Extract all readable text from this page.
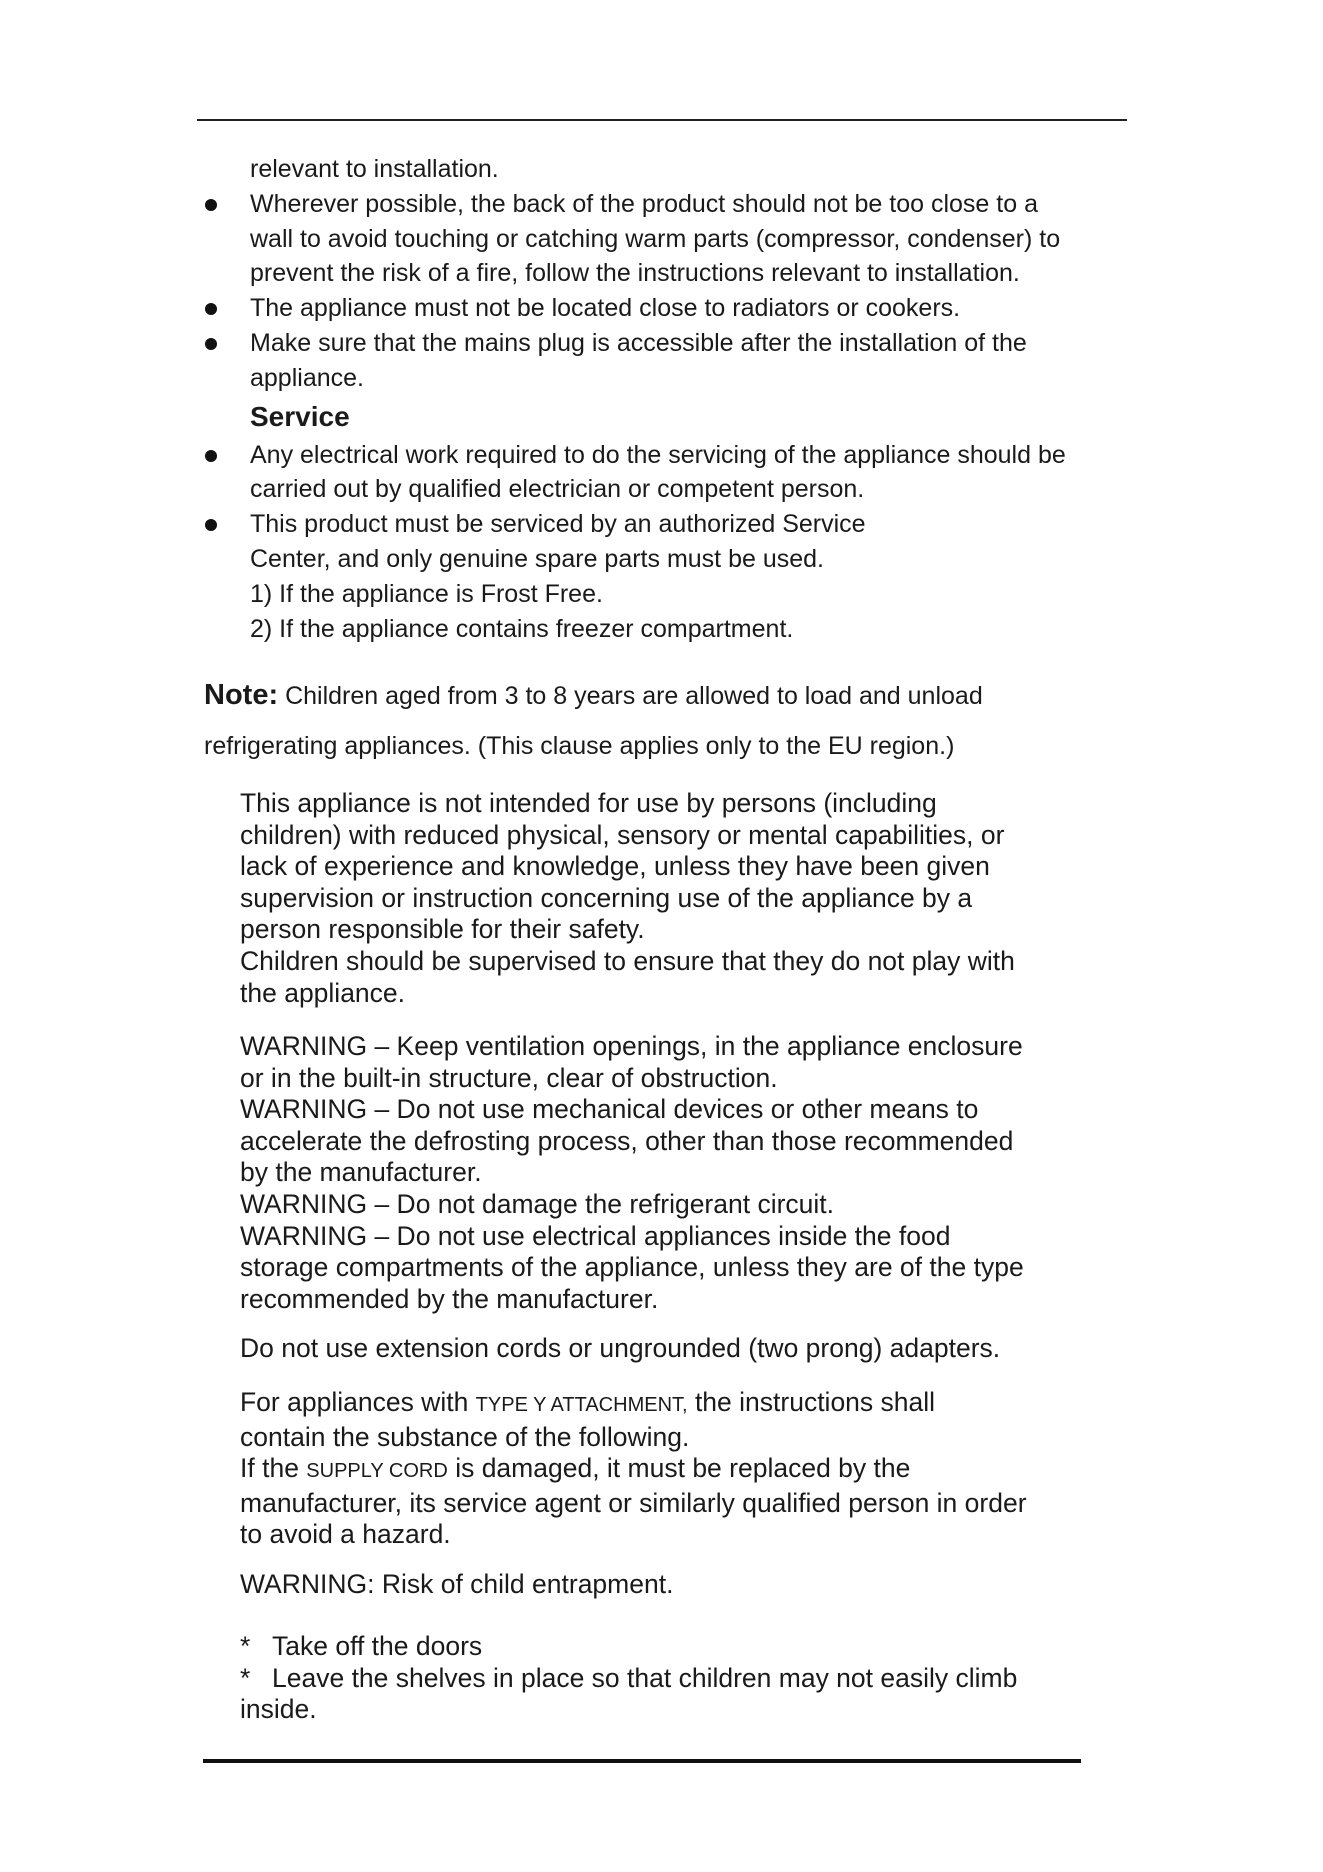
relevant to installation.
Wherever possible, the back of the product should not be too close to a
wall to avoid touching or catching warm parts (compressor, condenser) to
prevent the risk of a fire, follow the instructions relevant to installation.
The appliance must not be located close to radiators or cookers.
Make sure that the mains plug is accessible after the installation of the
appliance.
Service
Any electrical work required to do the servicing of the appliance should be
carried out by qualified electrician or competent person.
This product must be serviced by an authorized Service
Center, and only genuine spare parts must be used.
1) If the appliance is Frost Free.
2) If the appliance contains freezer compartment.
Note: Children aged from 3 to 8 years are allowed to load and unload
refrigerating appliances. (This clause applies only to the EU region.)
This appliance is not intended for use by persons (including
children) with reduced physical, sensory or mental capabilities, or
lack of experience and knowledge, unless they have been given
supervision or instruction concerning use of the appliance by a
person responsible for their safety.
Children should be supervised to ensure that they do not play with
the appliance.
WARNING – Keep ventilation openings, in the appliance enclosure
or in the built-in structure, clear of obstruction.
WARNING – Do not use mechanical devices or other means to
accelerate the defrosting process, other than those recommended
by the manufacturer.
WARNING – Do not damage the refrigerant circuit.
WARNING – Do not use electrical appliances inside the food
storage compartments of the appliance, unless they are of the type
recommended by the manufacturer.
Do not use extension cords or ungrounded (two prong) adapters.
For appliances with TYPE Y ATTACHMENT, the instructions shall
contain the substance of the following.
If the SUPPLY CORD is damaged, it must be replaced by the
manufacturer, its service agent or similarly qualified person in order
to avoid a hazard.
WARNING: Risk of child entrapment.
* Take off the doors
* Leave the shelves in place so that children may not easily climb
inside.
